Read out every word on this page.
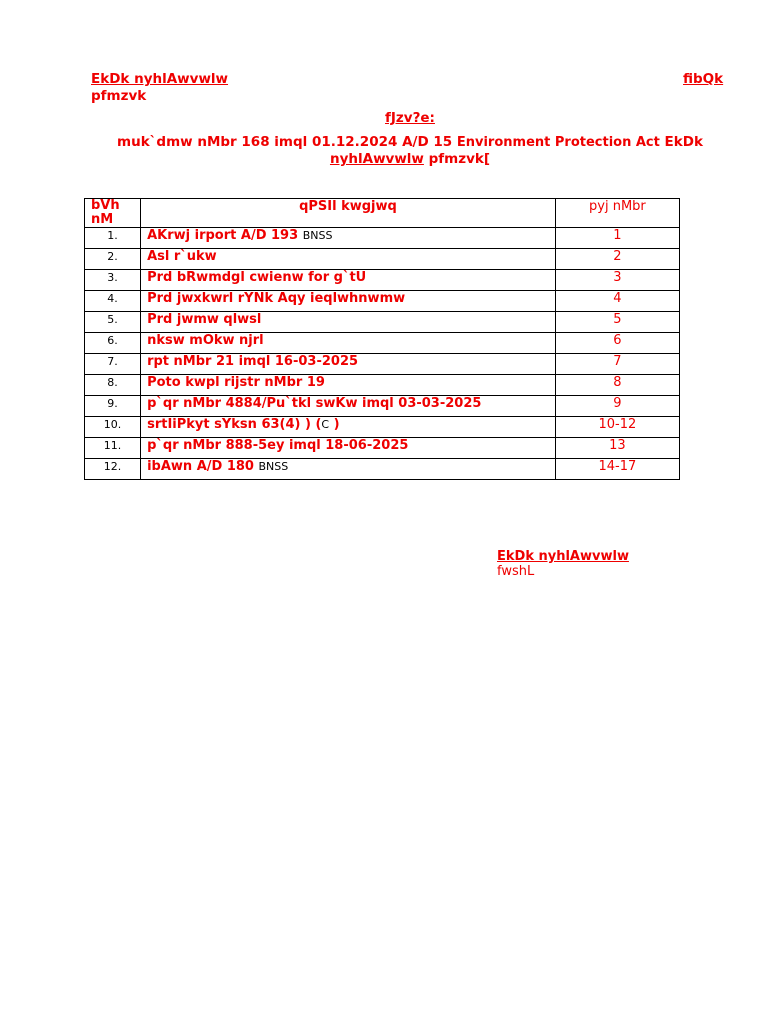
EkDk nyhlAwvwlw
pfmzvk
fibQk
fJzv?e:
muk`dmw nMbr 168 imql 01.12.2024 A/D 15 Environment Protection Act EkDk
nyhlAwvwlw pfmzvk[
bVh nM	qPSIl kwgjwq	pyj nMbr
1.	AKrwj irport A/D 193 BNSS	1
2.	Asl r`ukw	2
3.	Prd bRwmdgl cwienw for g`tU	3
4.	Prd jwxkwrl rYNk Aqy ieqlwhnwmw	4
5.	Prd jwmw qlwsl	5
6.	nksw mOkw njrl	6
7.	rpt nMbr 21 imql 16-03-2025	7
8.	Poto kwpl rijstr nMbr 19	8
9.	p`qr nMbr 4884/Pu`tkl swKw imql 03-03-2025	9
10.	srtIiPkyt sYksn 63(4) ) (C )	10-12
11.	p`qr nMbr 888-5ey imql 18-06-2025	13
12.	ibAwn A/D 180 BNSS	14-17
EkDk nyhlAwvwlw
fwshL
